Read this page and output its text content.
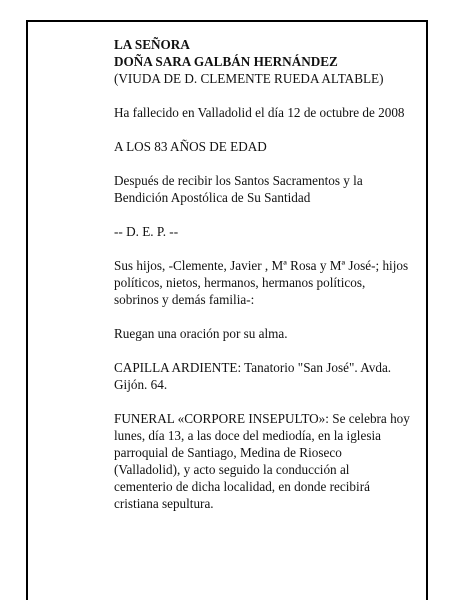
LA SEÑORA
DOÑA SARA GALBÁN HERNÁNDEZ
(VIUDA DE D. CLEMENTE RUEDA ALTABLE)

Ha fallecido en Valladolid el día 12 de octubre de 2008

A LOS 83 AÑOS DE EDAD

Después de recibir los Santos Sacramentos y la
Bendición Apostólica de Su Santidad

-- D. E. P. --

Sus hijos, -Clemente, Javier , Mª Rosa y Mª José-; hijos
políticos, nietos, hermanos, hermanos políticos,
sobrinos y demás familia-:

Ruegan una oración por su alma.

CAPILLA ARDIENTE: Tanatorio "San José". Avda.
Gijón. 64.

FUNERAL «CORPORE INSEPULTO»: Se celebra hoy
lunes, día 13, a las doce del mediodía, en la iglesia
parroquial de Santiago, Medina de Rioseco
(Valladolid), y acto seguido la conducción al
cementerio de dicha localidad, en donde recibirá
cristiana sepultura.
